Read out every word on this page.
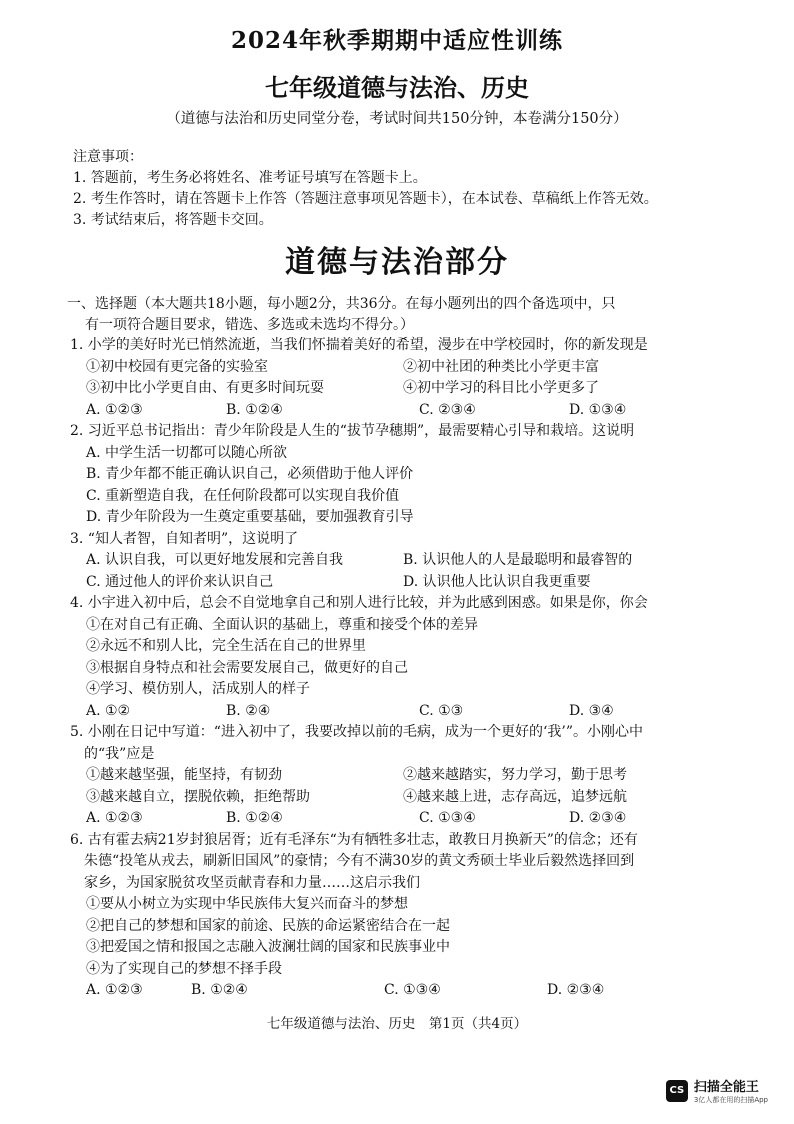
2024年秋季期期中适应性训练
七年级道德与法治、历史
（道德与法治和历史同堂分卷，考试时间共150分钟，本卷满分150分）
注意事项：
1. 答题前，考生务必将姓名、准考证号填写在答题卡上。
2. 考生作答时，请在答题卡上作答（答题注意事项见答题卡），在本试卷、草稿纸上作答无效。
3. 考试结束后，将答题卡交回。
道德与法治部分
一、选择题（本大题共18小题，每小题2分，共36分。在每小题列出的四个备选项中，只
有一项符合题目要求，错选、多选或未选均不得分。）
1. 小学的美好时光已悄然流逝，当我们怀揣着美好的希望，漫步在中学校园时，你的新发现是
①初中校园有更完备的实验室	②初中社团的种类比小学更丰富
③初中比小学更自由、有更多时间玩耍	④初中学习的科目比小学更多了
A. ①②③	B. ①②④	C. ②③④	D. ①③④
2. 习近平总书记指出：青少年阶段是人生的“拔节孕穗期”，最需要精心引导和栽培。这说明
A. 中学生活一切都可以随心所欲
B. 青少年都不能正确认识自己，必须借助于他人评价
C. 重新塑造自我，在任何阶段都可以实现自我价值
D. 青少年阶段为一生奠定重要基础，要加强教育引导
3. “知人者智，自知者明”，这说明了
A. 认识自我，可以更好地发展和完善自我	B. 认识他人的人是最聪明和最睿智的
C. 通过他人的评价来认识自己	D. 认识他人比认识自我更重要
4. 小宇进入初中后，总会不自觉地拿自己和别人进行比较，并为此感到困惑。如果是你，你会
①在对自己有正确、全面认识的基础上，尊重和接受个体的差异
②永远不和别人比，完全生活在自己的世界里
③根据自身特点和社会需要发展自己，做更好的自己
④学习、模仿别人，活成别人的样子
A. ①②	B. ②④	C. ①③	D. ③④
5. 小刚在日记中写道：“进入初中了，我要改掉以前的毛病，成为一个更好的‘我’”。小刚心中
的“我”应是
①越来越坚强，能坚持，有韧劲	②越来越踏实，努力学习，勤于思考
③越来越自立，摆脱依赖，拒绝帮助	④越来越上进，志存高远，追梦远航
A. ①②③	B. ①②④	C. ①③④	D. ②③④
6. 古有霍去病21岁封狼居胥；近有毛泽东“为有牺牲多壮志，敢教日月换新天”的信念；还有
朱德“投笔从戎去，刷新旧国风”的豪情；今有不满30岁的黄文秀硕士毕业后毅然选择回到
家乡，为国家脱贫攻坚贡献青春和力量……这启示我们
①要从小树立为实现中华民族伟大复兴而奋斗的梦想
②把自己的梦想和国家的前途、民族的命运紧密结合在一起
③把爱国之情和报国之志融入波澜壮阔的国家和民族事业中
④为了实现自己的梦想不择手段
A. ①②③	B. ①②④	C. ①③④	D. ②③④
七年级道德与法治、历史　第1页（共4页）
CS 扫描全能王
3亿人都在用的扫描App
